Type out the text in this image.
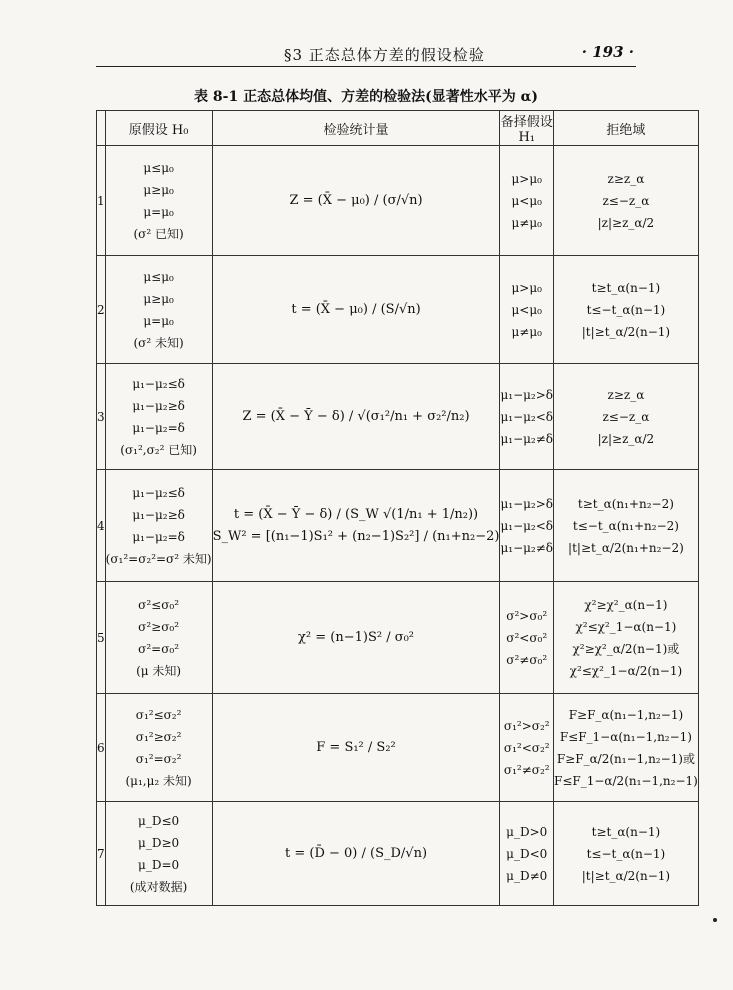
§3 正态总体方差的假设检验	· 193 ·
表 8-1 正态总体均值、方差的检验法(显著性水平为 α)
	原假设 H₀	检验统计量	备择假设 H₁	拒绝域
1	μ≤μ₀
μ≥μ₀
μ=μ₀
(σ² 已知)	Z = (X̄ − μ₀) / (σ/√n)	μ>μ₀
μ<μ₀
μ≠μ₀	z≥z_α
z≤−z_α
|z|≥z_α/2

2	μ≤μ₀
μ≥μ₀
μ=μ₀
(σ² 未知)	t = (X̄ − μ₀) / (S/√n)	μ>μ₀
μ<μ₀
μ≠μ₀	t≥t_α(n−1)
t≤−t_α(n−1)
|t|≥t_α/2(n−1)

3	μ₁−μ₂≤δ
μ₁−μ₂≥δ
μ₁−μ₂=δ
(σ₁²,σ₂² 已知)	Z = (X̄ − Ȳ − δ) / √(σ₁²/n₁ + σ₂²/n₂)	μ₁−μ₂>δ
μ₁−μ₂<δ
μ₁−μ₂≠δ	z≥z_α
z≤−z_α
|z|≥z_α/2

4	μ₁−μ₂≤δ
μ₁−μ₂≥δ
μ₁−μ₂=δ
(σ₁²=σ₂²=σ² 未知)	t = (X̄ − Ȳ − δ) / (S_W √(1/n₁ + 1/n₂))
S_W² = [(n₁−1)S₁² + (n₂−1)S₂²] / (n₁+n₂−2)	μ₁−μ₂>δ
μ₁−μ₂<δ
μ₁−μ₂≠δ	t≥t_α(n₁+n₂−2)
t≤−t_α(n₁+n₂−2)
|t|≥t_α/2(n₁+n₂−2)

5	σ²≤σ₀²
σ²≥σ₀²
σ²=σ₀²
(μ 未知)	χ² = (n−1)S² / σ₀²	σ²>σ₀²
σ²<σ₀²
σ²≠σ₀²	χ²≥χ²_α(n−1)
χ²≤χ²_1−α(n−1)
χ²≥χ²_α/2(n−1)或
χ²≤χ²_1−α/2(n−1)

6	σ₁²≤σ₂²
σ₁²≥σ₂²
σ₁²=σ₂²
(μ₁,μ₂ 未知)	F = S₁² / S₂²	σ₁²>σ₂²
σ₁²<σ₂²
σ₁²≠σ₂²	F≥F_α(n₁−1,n₂−1)
F≤F_1−α(n₁−1,n₂−1)
F≥F_α/2(n₁−1,n₂−1)或
F≤F_1−α/2(n₁−1,n₂−1)

7	μ_D≤0
μ_D≥0
μ_D=0
(成对数据)	t = (D̄ − 0) / (S_D/√n)	μ_D>0
μ_D<0
μ_D≠0	t≥t_α(n−1)
t≤−t_α(n−1)
|t|≥t_α/2(n−1)
